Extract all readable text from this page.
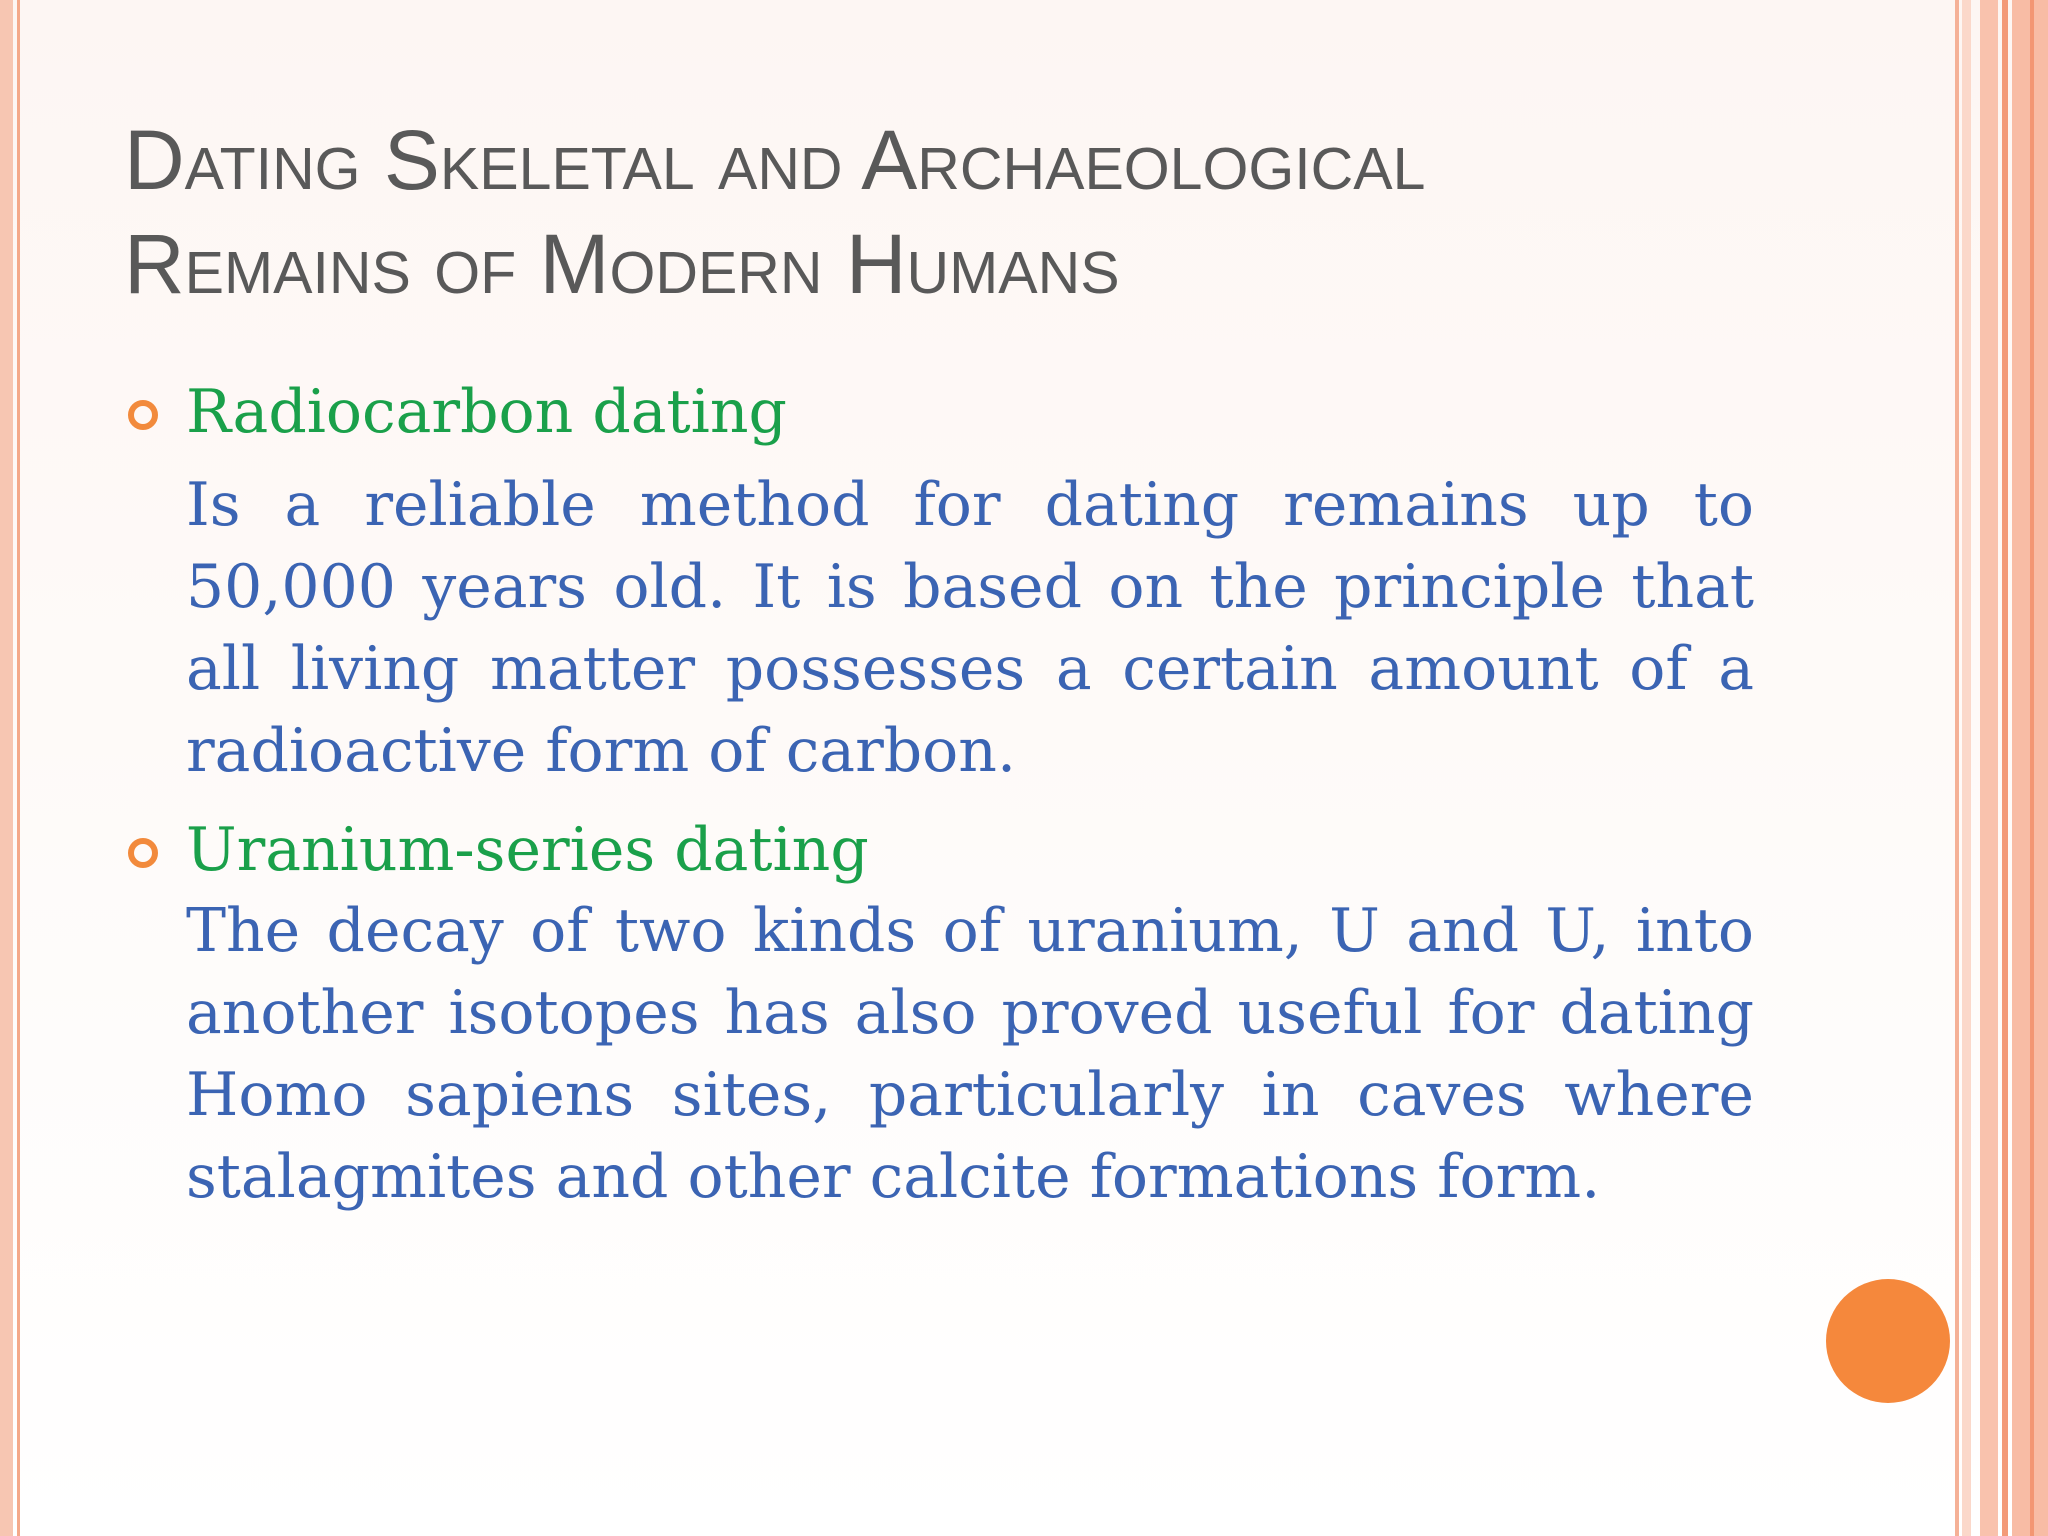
Dating Skeletal and Archaeological
Remains of Modern Humans
Radiocarbon dating

Is a reliable method for dating remains up to 50,000 years old. It is based on the principle that all living matter possesses a certain amount of a radioactive form of carbon.

Uranium-series dating

The decay of two kinds of uranium, U and U, into another isotopes has also proved useful for dating Homo sapiens sites, particularly in caves where stalagmites and other calcite formations form.
